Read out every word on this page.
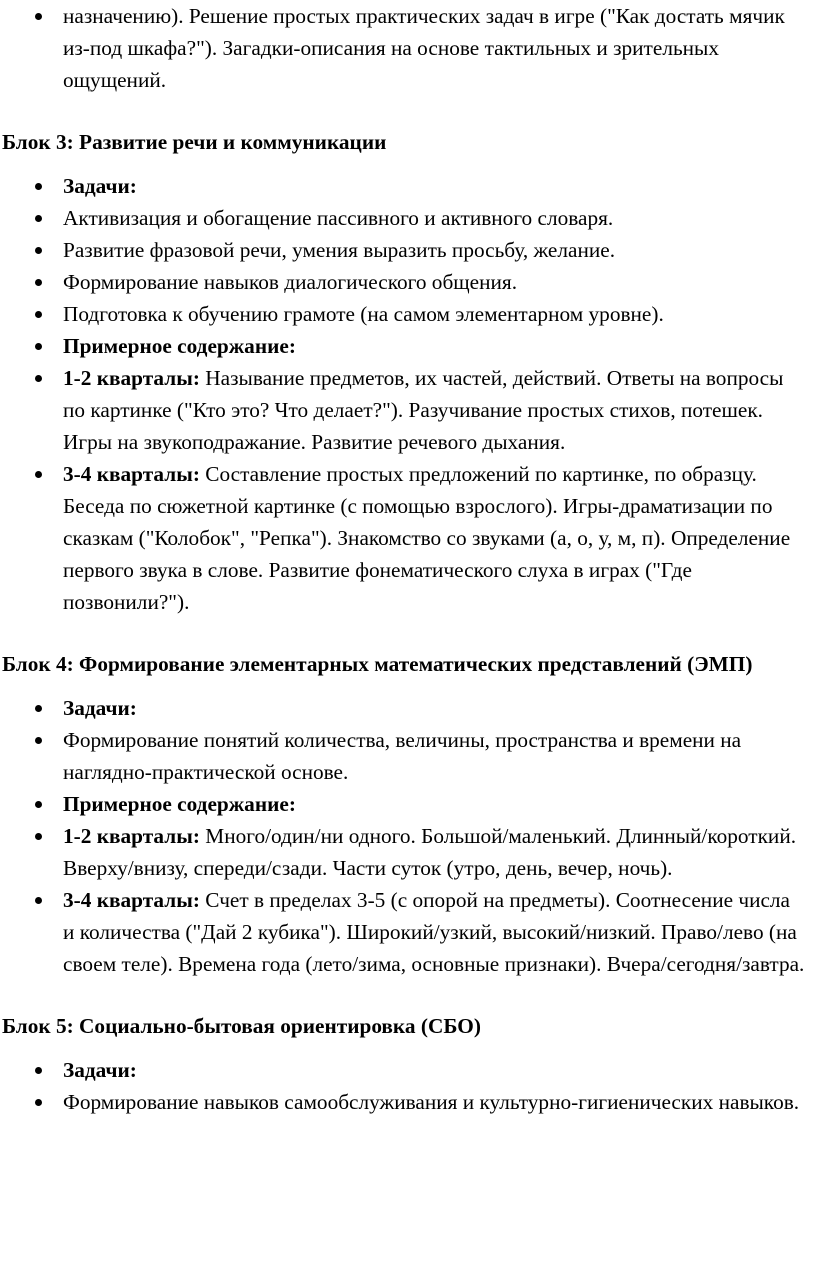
назначению). Решение простых практических задач в игре ("Как достать мячик из-под шкафа?"). Загадки-описания на основе тактильных и зрительных ощущений.
Блок 3: Развитие речи и коммуникации
Задачи:
Активизация и обогащение пассивного и активного словаря.
Развитие фразовой речи, умения выразить просьбу, желание.
Формирование навыков диалогического общения.
Подготовка к обучению грамоте (на самом элементарном уровне).
Примерное содержание:
1-2 кварталы: Называние предметов, их частей, действий. Ответы на вопросы по картинке ("Кто это? Что делает?"). Разучивание простых стихов, потешек. Игры на звукоподражание. Развитие речевого дыхания.
3-4 кварталы: Составление простых предложений по картинке, по образцу. Беседа по сюжетной картинке (с помощью взрослого). Игры-драматизации по сказкам ("Колобок", "Репка"). Знакомство со звуками (а, о, у, м, п). Определение первого звука в слове. Развитие фонематического слуха в играх ("Где позвонили?").
Блок 4: Формирование элементарных математических представлений (ЭМП)
Задачи:
Формирование понятий количества, величины, пространства и времени на наглядно-практической основе.
Примерное содержание:
1-2 кварталы: Много/один/ни одного. Большой/маленький. Длинный/короткий. Вверху/внизу, спереди/сзади. Части суток (утро, день, вечер, ночь).
3-4 кварталы: Счет в пределах 3-5 (с опорой на предметы). Соотнесение числа и количества ("Дай 2 кубика"). Широкий/узкий, высокий/низкий. Право/лево (на своем теле). Времена года (лето/зима, основные признаки). Вчера/сегодня/завтра.
Блок 5: Социально-бытовая ориентировка (СБО)
Задачи:
Формирование навыков самообслуживания и культурно-гигиенических навыков.
